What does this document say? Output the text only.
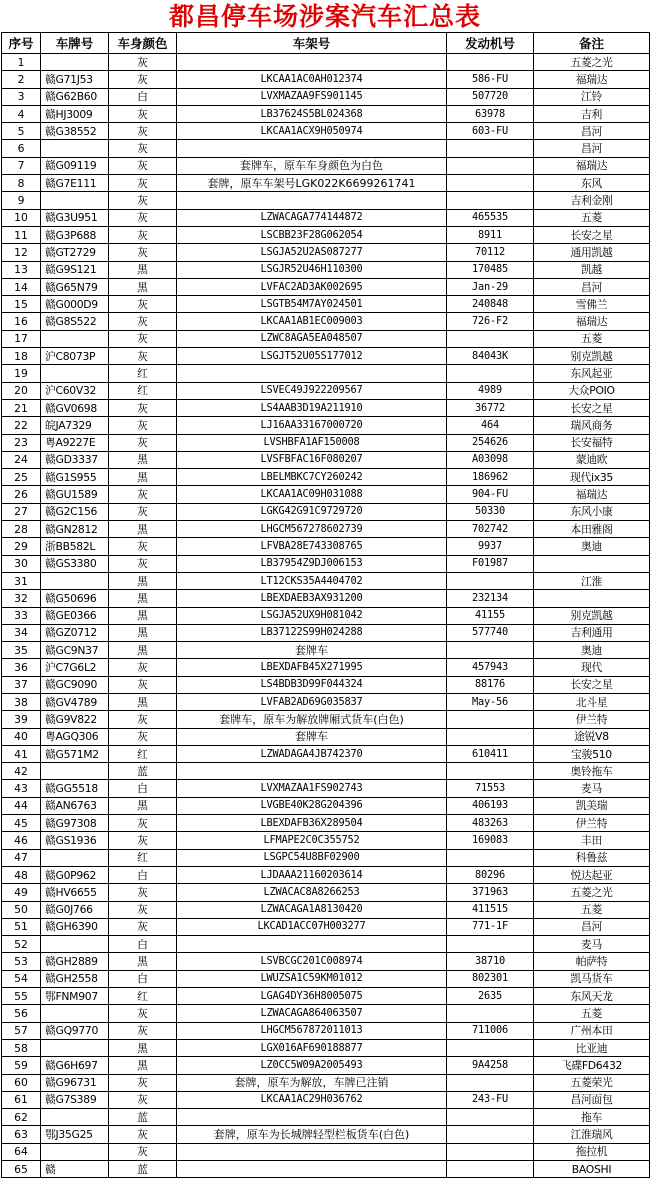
都昌停车场涉案汽车汇总表
序号	车牌号	车身颜色	车架号	发动机号	备注
1		灰			五菱之光
2	赣G71J53	灰	LKCAA1AC0AH012374	586-FU	福瑞达
3	赣G62B60	白	LVXMAZAA9FS901145	507720	江铃
4	赣HJ3009	灰	LB37624S5BL024368	63978	吉利
5	赣G38552	灰	LKCAA1ACX9H050974	603-FU	昌河
6		灰			昌河
7	赣G09119	灰	套牌车，原车车身颜色为白色		福瑞达
8	赣G7E111	灰	套牌，原车车架号LGK022K6699261741		东风
9		灰			吉利金刚
10	赣G3U951	灰	LZWACAGA774144872	465535	五菱
11	赣G3P688	灰	LSCBB23F28G062054	8911	长安之星
12	赣GT2729	灰	LSGJA52U2AS087277	70112	通用凯越
13	赣G9S121	黑	LSGJR52U46H110300	170485	凯越
14	赣G65N79	黑	LVFAC2AD3AK002695	Jan-29	昌河
15	赣G000D9	灰	LSGTB54M7AY024501	240848	雪佛兰
16	赣G8S522	灰	LKCAA1AB1EC009003	726-F2	福瑞达
17		灰	LZWC8AGA5EA048507		五菱
18	沪C8073P	灰	LSGJT52U05S177012	84043K	别克凯越
19		红			东风起亚
20	沪C60V32	红	LSVEC49J922209567	4989	大众POIO
21	赣GV0698	灰	LS4AAB3D19A211910	36772	长安之星
22	皖JA7329	灰	LJ16AA33167000720	464	瑞风商务
23	粤A9227E	灰	LVSHBFA1AF150008	254626	长安福特
24	赣GD3337	黑	LVSFBFAC16F080207	A03098	蒙迪欧
25	赣G1S955	黑	LBELMBKC7CY260242	186962	现代ix35
26	赣GU1589	灰	LKCAA1AC09H031088	904-FU	福瑞达
27	赣G2C156	灰	LGKG42G91C9729720	50330	东风小康
28	赣GN2812	黑	LHGCM567278602739	702742	本田雅阁
29	浙BB582L	灰	LFVBA28E743308765	9937	奥迪
30	赣GS3380	灰	LB37954Z9DJ006153	F01987	
31		黑	LT12CKS35A4404702		江淮
32	赣G50696	黑	LBEXDAEB3AX931200	232134	
33	赣GE0366	黑	LSGJA52UX9H081042	41155	别克凯越
34	赣GZ0712	黑	LB37122S99H024288	577740	吉利通用
35	赣GC9N37	黑	套牌车		奥迪
36	沪C7G6L2	灰	LBEXDAFB45X271995	457943	现代
37	赣GC9090	灰	LS4BDB3D99F044324	88176	长安之星
38	赣GV4789	黑	LVFAB2AD69G035837	May-56	北斗星
39	赣G9V822	灰	套牌车，原车为解放牌厢式货车(白色)		伊兰特
40	粤AGQ306	灰	套牌车		途锐V8
41	赣G571M2	红	LZWADAGA4JB742370	610411	宝骏510
42		蓝			奥铃拖车
43	赣GG5518	白	LVXMAZAA1FS902743	71553	麦马
44	赣AN6763	黑	LVGBE40K28G204396	406193	凯美瑞
45	赣G97308	灰	LBEXDAFB36X289504	483263	伊兰特
46	赣GS1936	灰	LFMAPE2C0C355752	169083	丰田
47		红	LSGPC54U8BF02900		科鲁兹
48	赣G0P962	白	LJDAAA21160203614	80296	悦达起亚
49	赣HV6655	灰	LZWACAC8A8266253	371963	五菱之光
50	赣G0J766	灰	LZWACAGA1A8130420	411515	五菱
51	赣GH6390	灰	LKCAD1ACC07H003277	771-1F	昌河
52		白			麦马
53	赣GH2889	黑	LSVBCGC201C008974	38710	帕萨特
54	赣GH2558	白	LWUZSA1C59KM01012	802301	凯马货车
55	鄂FNM907	红	LGAG4DY36H8005075	2635	东风天龙
56		灰	LZWACAGA864063507		五菱
57	赣GQ9770	灰	LHGCM567872011013	711006	广州本田
58		黑	LGX016AF690188877		比亚迪
59	赣G6H697	黑	LZ0CC5W09A2005493	9A4258	飞碟FD6432
60	赣G96731	灰	套牌，原车为解放，车牌已注销		五菱荣光
61	赣G7S389	灰	LKCAA1AC29H036762	243-FU	昌河面包
62		蓝			拖车
63	鄂J35G25	灰	套牌，原车为长城牌轻型栏板货车(白色)		江淮瑞风
64		灰			拖拉机
65	赣	蓝			BAOSHI
